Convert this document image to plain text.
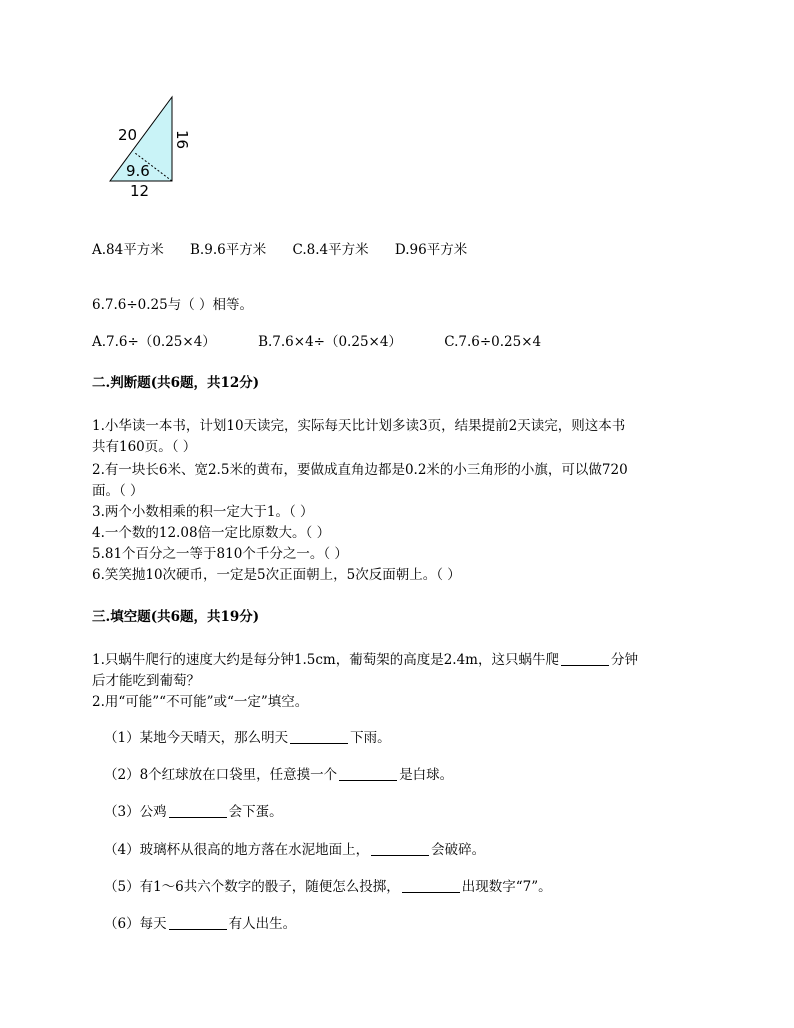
20 16
9.6
12
A.84平方米 B.9.6平方米 C.8.4平方米 D.96平方米
6.7.6÷0.25与（ ）相等。
A.7.6÷（0.25×4）	B.7.6×4÷（0.25×4）	C.7.6÷0.25×4
二.判断题(共6题，共12分)
1.小华读一本书，计划10天读完，实际每天比计划多读3页，结果提前2天读完，则这本书
共有160页。（ ）
2.有一块长6米、宽2.5米的黄布，要做成直角边都是0.2米的小三角形的小旗，可以做720
面。（ ）
3.两个小数相乘的积一定大于1。（ ）
4.一个数的12.08倍一定比原数大。（ ）
5.81个百分之一等于810个千分之一。（ ）
6.笑笑抛10次硬币，一定是5次正面朝上，5次反面朝上。（ ）
三.填空题(共6题，共19分)
1.只蜗牛爬行的速度大约是每分钟1.5cm，葡萄架的高度是2.4m，这只蜗牛爬	分钟
后才能吃到葡萄？
2.用“可能”“不可能”或“一定”填空。
（1）某地今天晴天，那么明天	下雨。
（2）8个红球放在口袋里，任意摸一个	是白球。
（3）公鸡	会下蛋。
（4）玻璃杯从很高的地方落在水泥地面上，	会破碎。
（5）有1～6共六个数字的骰子，随便怎么投掷，	出现数字“7”。
（6）每天	有人出生。
